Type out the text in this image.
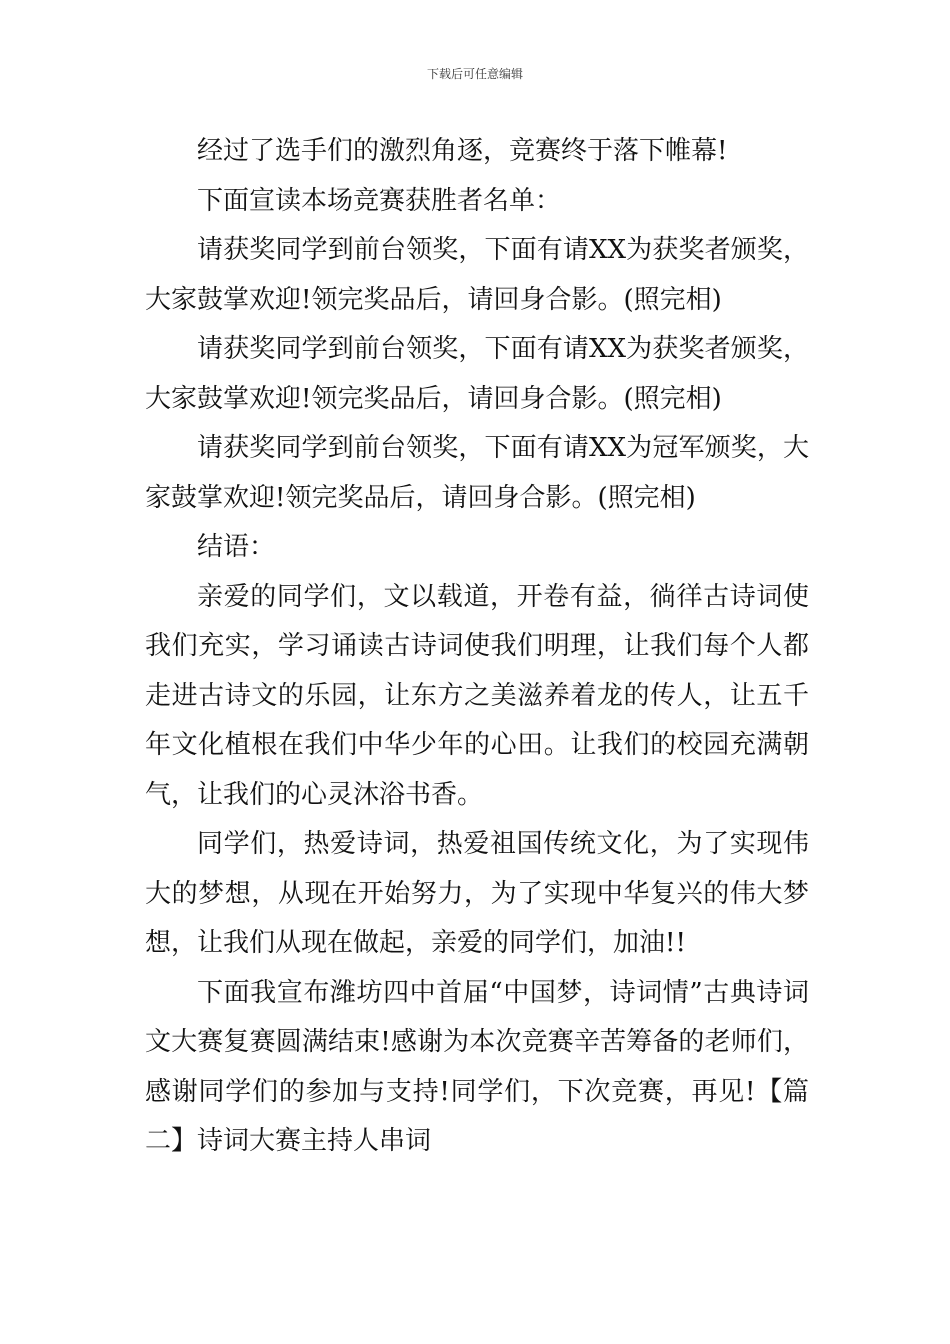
下载后可任意编辑

经过了选手们的激烈角逐，竞赛终于落下帷幕!

下面宣读本场竞赛获胜者名单：

请获奖同学到前台领奖，下面有请XX为获奖者颁奖，大家鼓掌欢迎!领完奖品后，请回身合影。(照完相)

请获奖同学到前台领奖，下面有请XX为获奖者颁奖，大家鼓掌欢迎!领完奖品后，请回身合影。(照完相)

请获奖同学到前台领奖，下面有请XX为冠军颁奖，大家鼓掌欢迎!领完奖品后，请回身合影。(照完相)

结语：

亲爱的同学们，文以载道，开卷有益，徜徉古诗词使我们充实，学习诵读古诗词使我们明理，让我们每个人都走进古诗文的乐园，让东方之美滋养着龙的传人，让五千年文化植根在我们中华少年的心田。让我们的校园充满朝气，让我们的心灵沐浴书香。

同学们，热爱诗词，热爱祖国传统文化，为了实现伟大的梦想，从现在开始努力，为了实现中华复兴的伟大梦想，让我们从现在做起，亲爱的同学们，加油!!

下面我宣布潍坊四中首届“中国梦，诗词情”古典诗词文大赛复赛圆满结束!感谢为本次竞赛辛苦筹备的老师们，感谢同学们的参加与支持!同学们，下次竞赛，再见!【篇二】诗词大赛主持人串词
